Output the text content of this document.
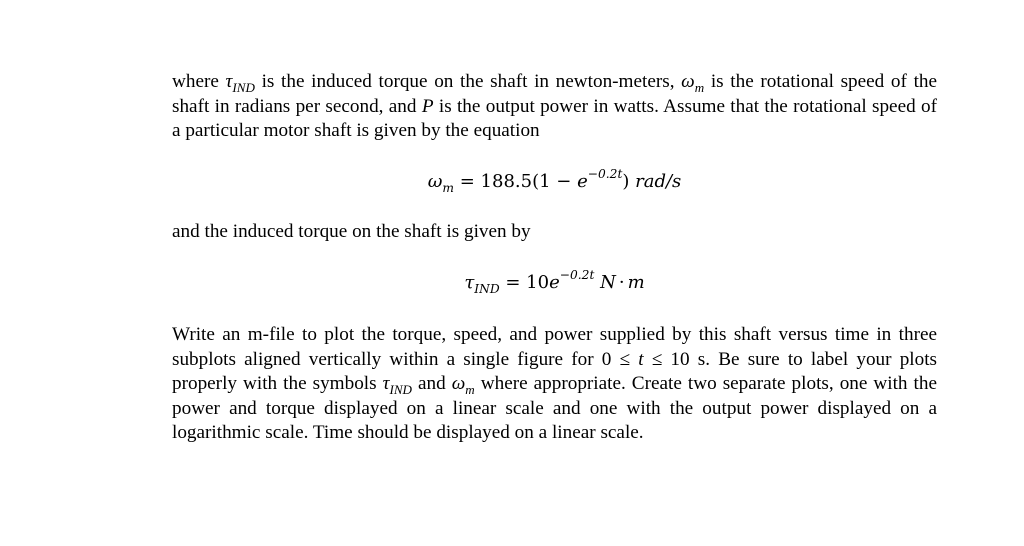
where $\tau_{IND}$ is the induced torque on the shaft in newton-meters, $\omega_m$ is the rotational speed of the shaft in radians per second, and P is the output power in watts. Assume that the rotational speed of a particular motor shaft is given by the equation

$\omega_m = 188.5(1 - e^{-0.2t})$ rad/s

and the induced torque on the shaft is given by

$\tau_{IND} = 10e^{-0.2t}$ N · m

Write an m-file to plot the torque, speed, and power supplied by this shaft versus time in three subplots aligned vertically within a single figure for 0 ≤ t ≤ 10 s. Be sure to label your plots properly with the symbols $\tau_{IND}$ and $\omega_m$ where appropriate. Create two separate plots, one with the power and torque displayed on a linear scale and one with the output power displayed on a logarithmic scale. Time should be displayed on a linear scale.
